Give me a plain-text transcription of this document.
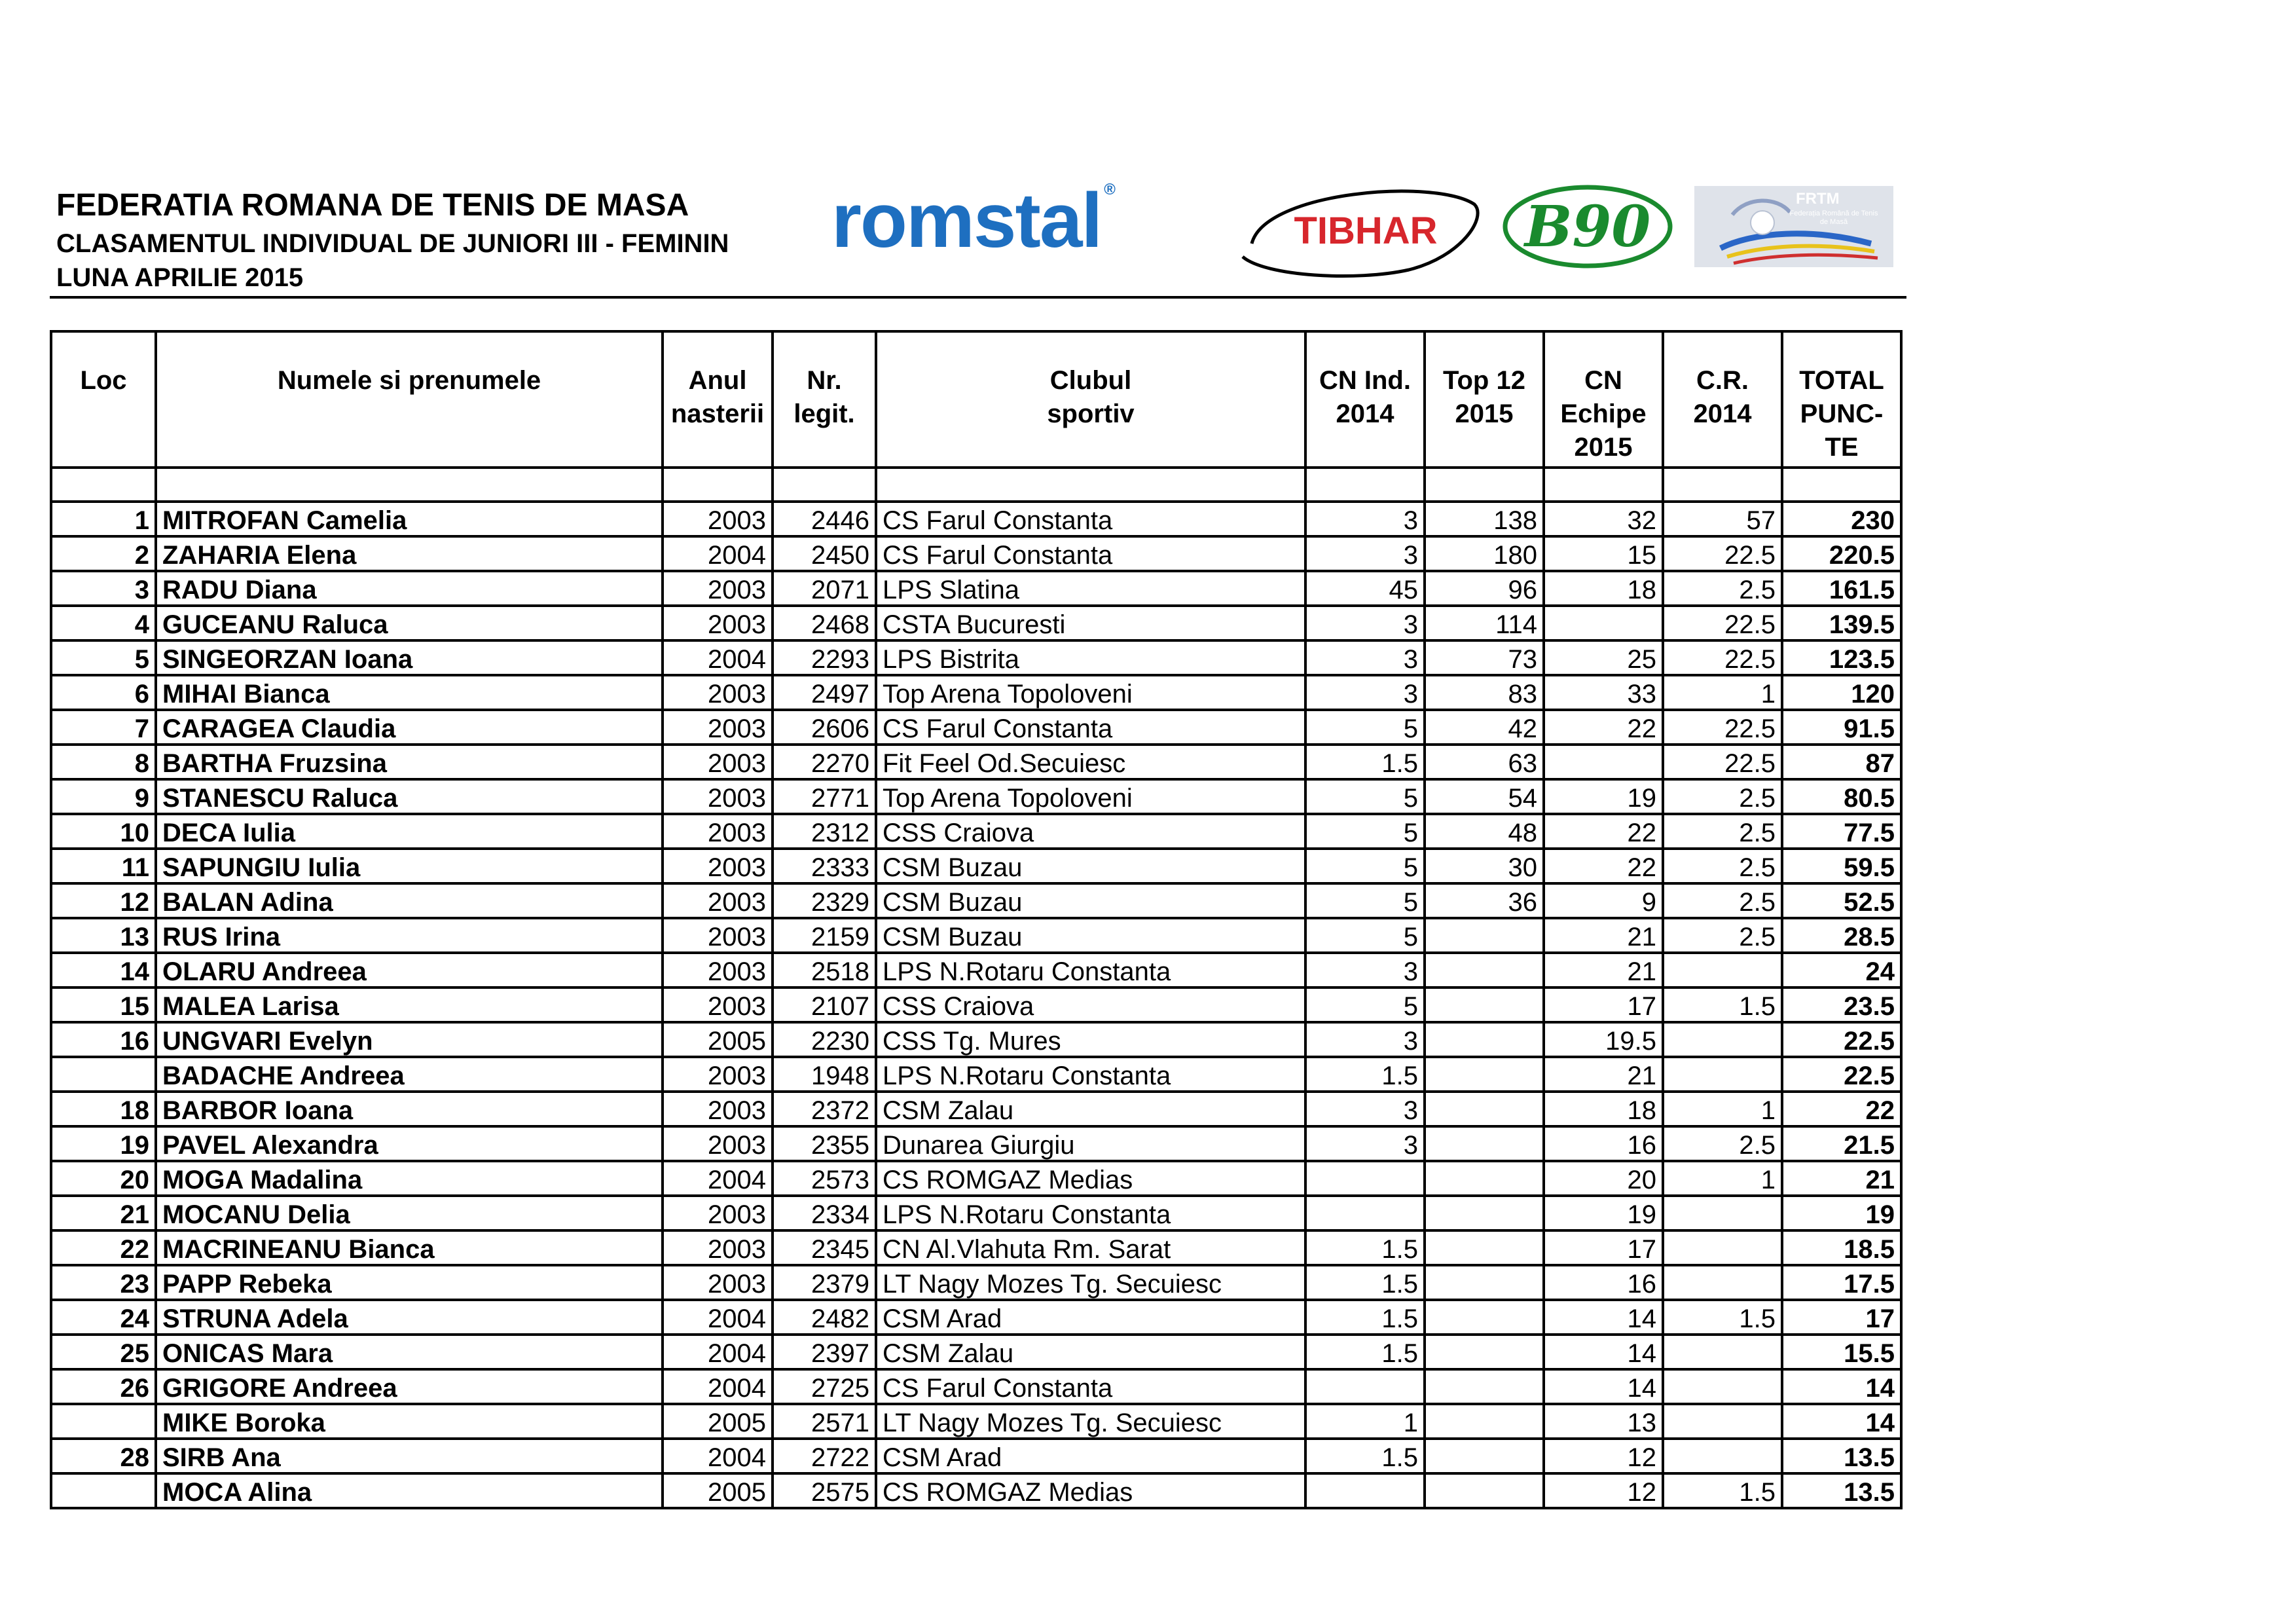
FEDERATIA ROMANA DE TENIS DE MASA
CLASAMENTUL INDIVIDUAL DE JUNIORI III - FEMININ
LUNA APRILIE 2015
romstal ®
TIBHAR B90	FRTM
Federația Română de Tenis de Masă
Loc	Numele si prenumele	Anul nasterii	Nr. legit.	Clubul sportiv	CN Ind. 2014	Top 12 2015	CN Echipe 2015	C.R. 2014	TOTAL PUNC- TE

1	MITROFAN Camelia	2003	2446	CS Farul Constanta	3	138	32	57	230
2	ZAHARIA Elena	2004	2450	CS Farul Constanta	3	180	15	22.5	220.5
3	RADU Diana	2003	2071	LPS Slatina	45	96	18	2.5	161.5
4	GUCEANU Raluca	2003	2468	CSTA Bucuresti	3	114		22.5	139.5
5	SINGEORZAN Ioana	2004	2293	LPS Bistrita	3	73	25	22.5	123.5
6	MIHAI Bianca	2003	2497	Top Arena Topoloveni	3	83	33	1	120
7	CARAGEA Claudia	2003	2606	CS Farul Constanta	5	42	22	22.5	91.5
8	BARTHA Fruzsina	2003	2270	Fit Feel Od.Secuiesc	1.5	63		22.5	87
9	STANESCU Raluca	2003	2771	Top Arena Topoloveni	5	54	19	2.5	80.5
10	DECA Iulia	2003	2312	CSS Craiova	5	48	22	2.5	77.5
11	SAPUNGIU Iulia	2003	2333	CSM Buzau	5	30	22	2.5	59.5
12	BALAN Adina	2003	2329	CSM Buzau	5	36	9	2.5	52.5
13	RUS Irina	2003	2159	CSM Buzau	5		21	2.5	28.5
14	OLARU Andreea	2003	2518	LPS N.Rotaru Constanta	3		21		24
15	MALEA Larisa	2003	2107	CSS Craiova	5		17	1.5	23.5
16	UNGVARI Evelyn	2005	2230	CSS Tg. Mures	3		19.5		22.5
	BADACHE Andreea	2003	1948	LPS N.Rotaru Constanta	1.5		21		22.5
18	BARBOR Ioana	2003	2372	CSM Zalau	3		18	1	22
19	PAVEL Alexandra	2003	2355	Dunarea Giurgiu	3		16	2.5	21.5
20	MOGA Madalina	2004	2573	CS ROMGAZ Medias			20	1	21
21	MOCANU Delia	2003	2334	LPS N.Rotaru Constanta			19		19
22	MACRINEANU Bianca	2003	2345	CN Al.Vlahuta Rm. Sarat	1.5		17		18.5
23	PAPP Rebeka	2003	2379	LT Nagy Mozes Tg. Secuiesc	1.5		16		17.5
24	STRUNA Adela	2004	2482	CSM Arad	1.5		14	1.5	17
25	ONICAS Mara	2004	2397	CSM Zalau	1.5		14		15.5
26	GRIGORE Andreea	2004	2725	CS Farul Constanta			14		14
	MIKE Boroka	2005	2571	LT Nagy Mozes Tg. Secuiesc	1		13		14
28	SIRB Ana	2004	2722	CSM Arad	1.5		12		13.5
	MOCA Alina	2005	2575	CS ROMGAZ Medias			12	1.5	13.5
